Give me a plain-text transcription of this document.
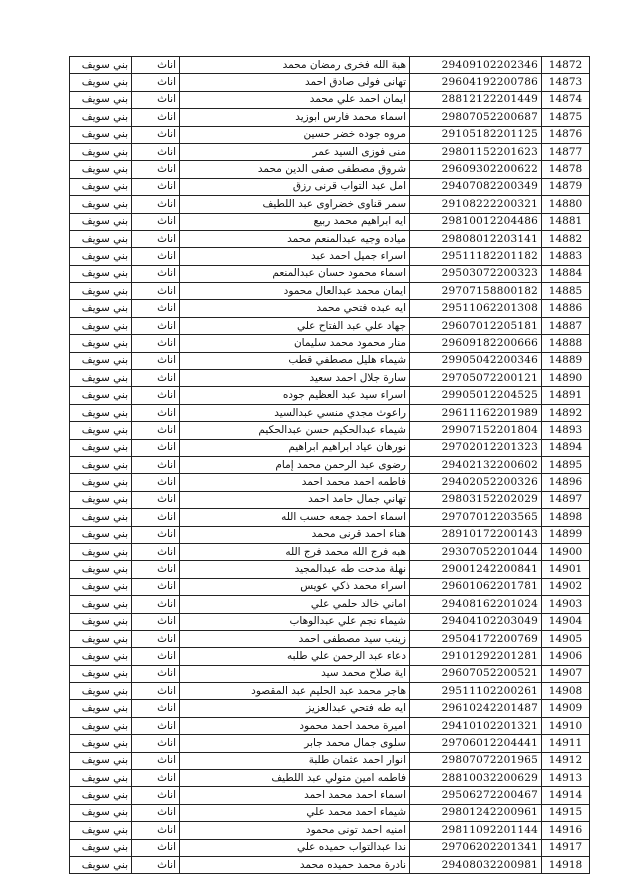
بني سويف	اناث	هبة الله فخرى رمضان محمد	29409102202346	14872
بني سويف	اناث	تهانى فولى صادق احمد	29604192200786	14873
بني سويف	اناث	ايمان احمد علي محمد	28812122201449	14874
بني سويف	اناث	اسماء محمد فارس ابوزيد	29807052200687	14875
بني سويف	اناث	مروه جوده خضر حسين	29105182201125	14876
بني سويف	اناث	منى فوزى السيد عمر	29801152201623	14877
بني سويف	اناث	شروق مصطفى صفى الدين محمد	29609302200622	14878
بني سويف	اناث	امل عبد التواب قرنى رزق	29407082200349	14879
بني سويف	اناث	سمر قناوى خضراوى عبد اللطيف	29108222200321	14880
بني سويف	اناث	ايه ابراهيم محمد ربيع	29810012204486	14881
بني سويف	اناث	مياده وجيه عبدالمنعم محمد	29808012203141	14882
بني سويف	اناث	اسراء جميل احمد عبد	29511182201182	14883
بني سويف	اناث	اسماء محمود حسان عبدالمنعم	29503072200323	14884
بني سويف	اناث	ايمان محمد عبدالعال محمود	29707158800182	14885
بني سويف	اناث	ايه عبده فتحي محمد	29511062201308	14886
بني سويف	اناث	جهاد علي عبد الفتاح علي	29607012205181	14887
بني سويف	اناث	منار محمود محمد سليمان	29609182200666	14888
بني سويف	اناث	شيماء هليل مصطفي قطب	29905042200346	14889
بني سويف	اناث	سارة جلال احمد سعيد	29705072200121	14890
بني سويف	اناث	اسراء سيد عبد العظيم جوده	29905012204525	14891
بني سويف	اناث	راعوث مجدي منسي عبدالسيد	29611162201989	14892
بني سويف	اناث	شيماء عبدالحكيم حسن عبدالحكيم	29907152201804	14893
بني سويف	اناث	نورهان عياد ابراهيم ابراهيم	29702012201323	14894
بني سويف	اناث	رضوى عبد الرحمن محمد إمام	29402132200602	14895
بني سويف	اناث	فاطمه احمد محمد احمد	29402052200326	14896
بني سويف	اناث	تهاني جمال حامد احمد	29803152202029	14897
بني سويف	اناث	اسماء احمد جمعه حسب الله	29707012203565	14898
بني سويف	اناث	هناء احمد قرنى محمد	28910172200143	14899
بني سويف	اناث	هبه فرج الله محمد فرج الله	29307052201044	14900
بني سويف	اناث	نهلة مدحت طه عبدالمجيد	29001242200841	14901
بني سويف	اناث	اسراء محمد ذكي عويس	29601062201781	14902
بني سويف	اناث	اماني خالد حلمي علي	29408162201024	14903
بني سويف	اناث	شيماء نجم علي عبدالوهاب	29404102203049	14904
بني سويف	اناث	زينب سيد مصطفى احمد	29504172200769	14905
بني سويف	اناث	دعاء عبد الرحمن علي طلبه	29101292201281	14906
بني سويف	اناث	اية صلاح محمد سيد	29607052200521	14907
بني سويف	اناث	هاجر محمد عبد الحليم عبد المقصود	29511102200261	14908
بني سويف	اناث	ايه طه فتحي عبدالعزيز	29610242201487	14909
بني سويف	اناث	اميرة محمد احمد محمود	29410102201321	14910
بني سويف	اناث	سلوى جمال محمد جابر	29706012204441	14911
بني سويف	اناث	انوار احمد عثمان طلبة	29807072201965	14912
بني سويف	اناث	فاطمه امين متولي عبد اللطيف	28810032200629	14913
بني سويف	اناث	اسماء احمد محمد احمد	29506272200467	14914
بني سويف	اناث	شيماء احمد محمد علي	29801242200961	14915
بني سويف	اناث	امنيه احمد تونى محمود	29811092201144	14916
بني سويف	اناث	ندا عبدالتواب حميده علي	29706202201341	14917
بني سويف	اناث	نادرة محمد حميده محمد	29408032200981	14918
